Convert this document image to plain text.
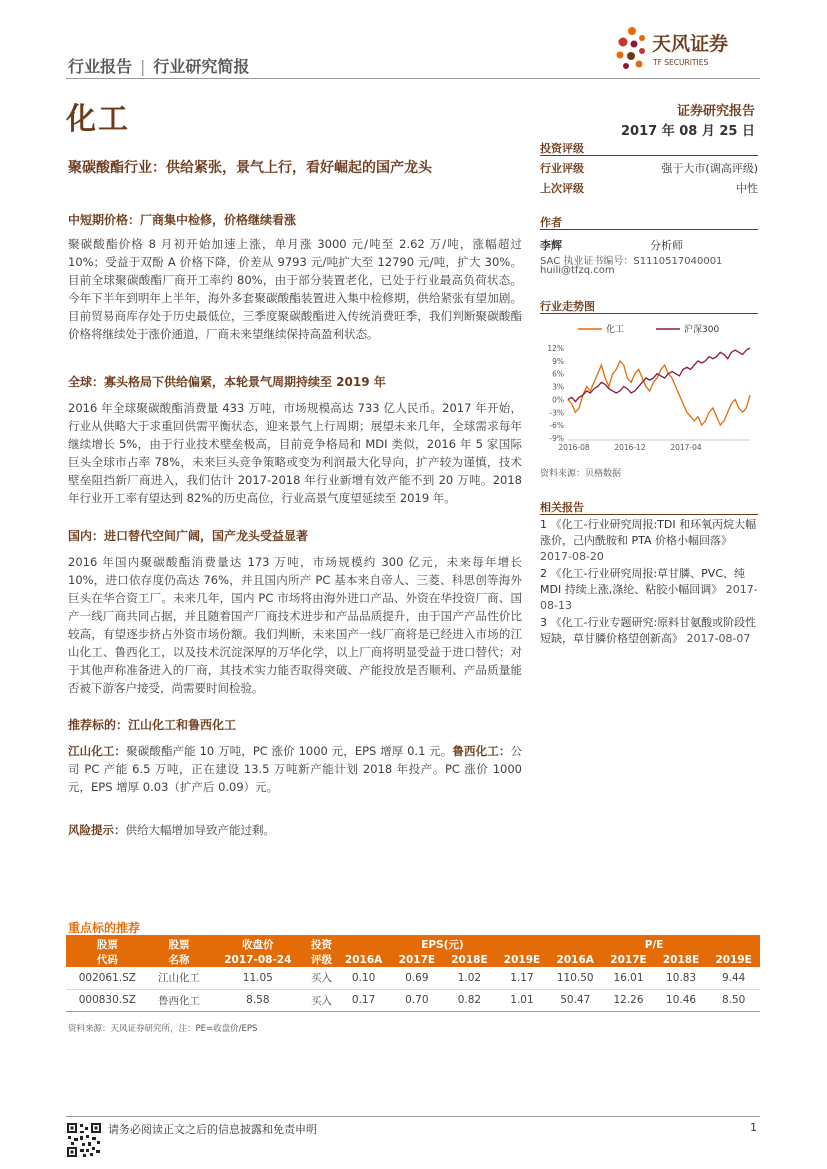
天风证券
TF SECURITIES
行业报告 | 行业研究简报
化工	证券研究报告
2017 年 08 月 25 日
聚碳酸酯行业：供给紧张，景气上行，看好崛起的国产龙头
中短期价格：厂商集中检修，价格继续看涨
聚碳酸酯价格 8 月初开始加速上涨，单月涨 3000 元/吨至 2.62 万/吨，涨幅超过 10%；受益于双酚 A 价格下降，价差从 9793 元/吨扩大至 12790 元/吨，扩大 30%。目前全球聚碳酸酯厂商开工率约 80%，由于部分装置老化，已处于行业最高负荷状态。今年下半年到明年上半年，海外多套聚碳酸酯装置进入集中检修期，供给紧张有望加剧。目前贸易商库存处于历史最低位，三季度聚碳酸酯进入传统消费旺季，我们判断聚碳酸酯价格将继续处于涨价通道，厂商未来望继续保持高盈利状态。
全球：寡头格局下供给偏紧，本轮景气周期持续至 2019 年
2016 年全球聚碳酸酯消费量 433 万吨，市场规模高达 733 亿人民币。2017 年开始，行业从供略大于求重回供需平衡状态，迎来景气上行周期；展望未来几年，全球需求每年继续增长 5%，由于行业技术壁垒极高，目前竞争格局和 MDI 类似，2016 年 5 家国际巨头全球市占率 78%，未来巨头竞争策略或变为利润最大化导向，扩产较为谨慎，技术壁垒阻挡新厂商进入，我们估计 2017-2018 年行业新增有效产能不到 20 万吨。2018 年行业开工率有望达到 82%的历史高位，行业高景气度望延续至 2019 年。
国内：进口替代空间广阔，国产龙头受益显著
2016 年国内聚碳酸酯消费量达 173 万吨，市场规模约 300 亿元，未来每年增长 10%，进口依存度仍高达 76%，并且国内所产 PC 基本来自帝人、三菱、科思创等海外巨头在华合资工厂。未来几年，国内 PC 市场将由海外进口产品、外资在华投资厂商、国产一线厂商共同占据，并且随着国产厂商技术进步和产品品质提升，由于国产产品性价比较高，有望逐步挤占外资市场份额。我们判断，未来国产一线厂商将是已经进入市场的江山化工、鲁西化工，以及技术沉淀深厚的万华化学，以上厂商将明显受益于进口替代；对于其他声称准备进入的厂商，其技术实力能否取得突破、产能投放是否顺利、产品质量能否被下游客户接受，尚需要时间检验。
推荐标的：江山化工和鲁西化工
江山化工：聚碳酸酯产能 10 万吨，PC 涨价 1000 元，EPS 增厚 0.1 元。鲁西化工：公司 PC 产能 6.5 万吨，正在建设 13.5 万吨新产能计划 2018 年投产。PC 涨价 1000元，EPS 增厚 0.03（扩产后 0.09）元。
风险提示：供给大幅增加导致产能过剩。
投资评级
行业评级	强于大市(调高评级)
上次评级	中性
作者
李辉	分析师
SAC 执业证书编号：S1110517040001
huili@tfzq.com
行业走势图
化工	沪深300
12%
9%
6%
3%
0%
-3%
-6%
-9%
2016-08	2016-12	2017-04
资料来源：贝格数据
相关报告
1 《化工-行业研究周报:TDI 和环氧丙烷大幅涨价，己内酰胺和 PTA 价格小幅回落》 2017-08-20
2 《化工-行业研究周报:草甘膦、PVC、纯 MDI 持续上涨,涤纶、粘胶小幅回调》 2017-08-13
3 《化工-行业专题研究:原料甘氨酸或阶段性短缺，草甘膦价格望创新高》 2017-08-07
重点标的推荐
股票	股票	收盘价	投资	EPS(元)				P/E			
代码	名称	2017-08-24	评级	2016A	2017E	2018E	2019E	2016A	2017E	2018E	2019E
002061.SZ	江山化工	11.05	买入	0.10	0.69	1.02	1.17	110.50	16.01	10.83	9.44
000830.SZ	鲁西化工	8.58	买入	0.17	0.70	0.82	1.01	50.47	12.26	10.46	8.50
资料来源：天风证券研究所，注：PE=收盘价/EPS
请务必阅读正文之后的信息披露和免责申明	1
